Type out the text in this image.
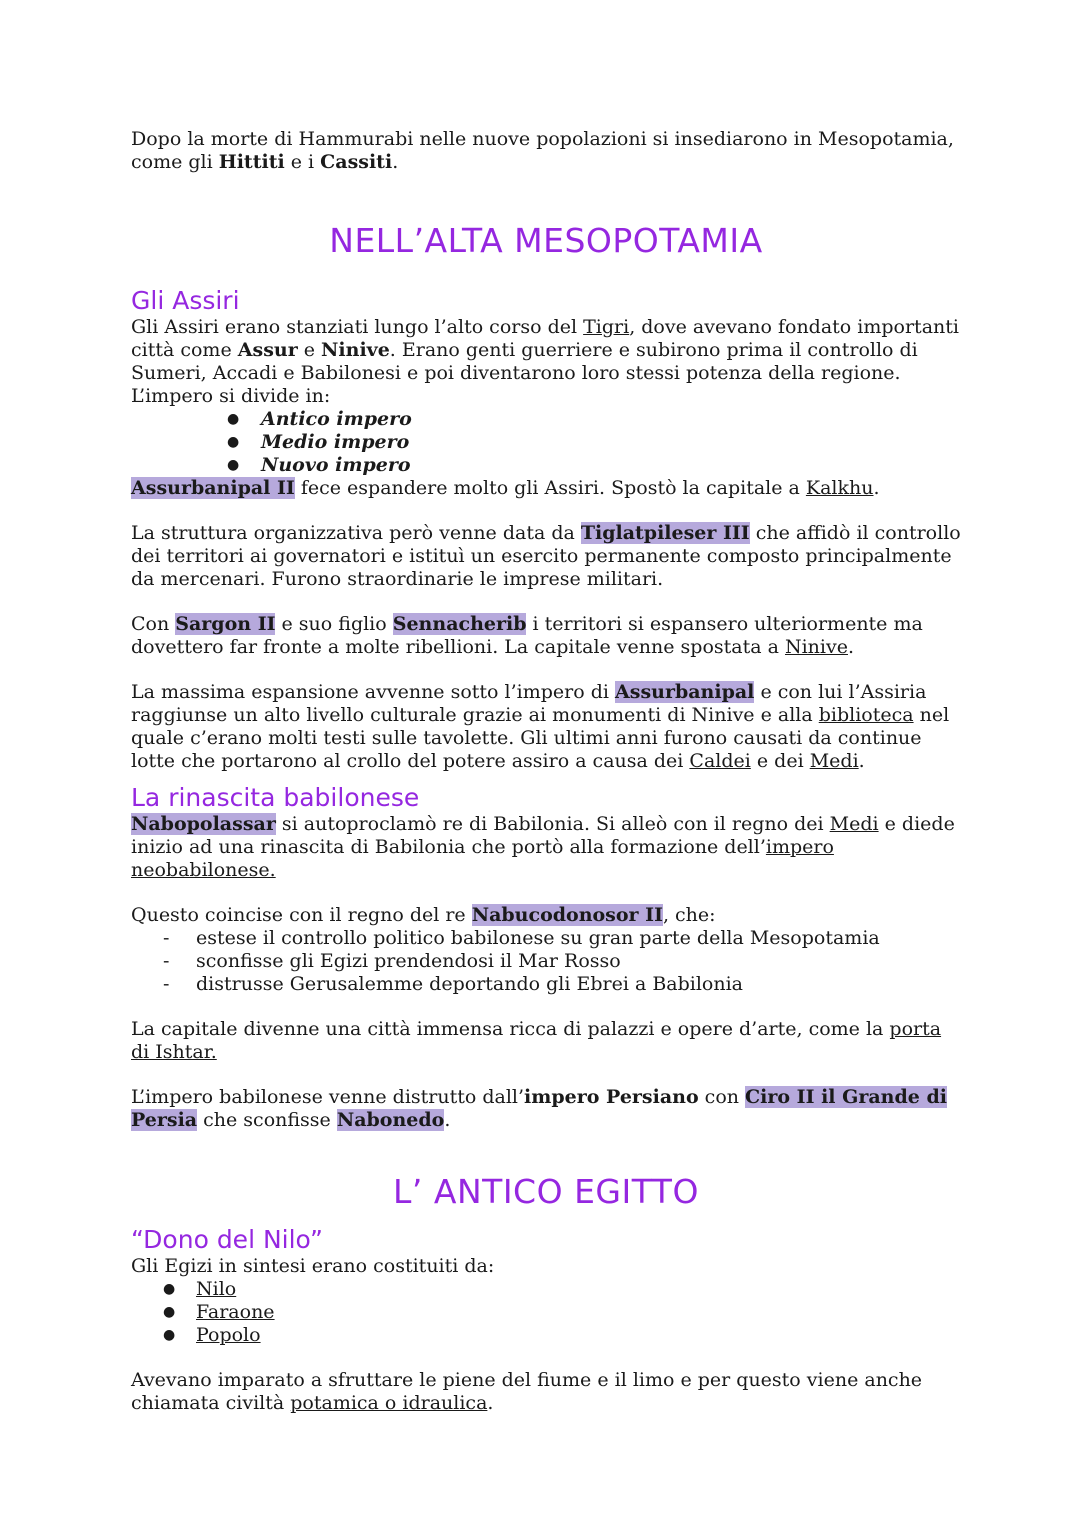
Dopo la morte di Hammurabi nelle nuove popolazioni si insediarono in Mesopotamia, come gli Hittiti e i Cassiti.

NELL’ALTA MESOPOTAMIA
Gli Assiri

Gli Assiri erano stanziati lungo l’alto corso del Tigri, dove avevano fondato importanti città come Assur e Ninive. Erano genti guerriere e subirono prima il controllo di Sumeri, Accadi e Babilonesi e poi diventarono loro stessi potenza della regione.

L’impero si divide in:

● Antico impero
● Medio impero
● Nuovo impero

Assurbanipal II fece espandere molto gli Assiri. Spostò la capitale a Kalkhu.

La struttura organizzativa però venne data da Tiglatpileser III che affidò il controllo dei territori ai governatori e istituì un esercito permanente composto principalmente da mercenari. Furono straordinarie le imprese militari.

Con Sargon II e suo figlio Sennacherib i territori si espansero ulteriormente ma dovettero far fronte a molte ribellioni. La capitale venne spostata a Ninive.

La massima espansione avvenne sotto l’impero di Assurbanipal e con lui l’Assiria raggiunse un alto livello culturale grazie ai monumenti di Ninive e alla biblioteca nel quale c’erano molti testi sulle tavolette. Gli ultimi anni furono causati da continue lotte che portarono al crollo del potere assiro a causa dei Caldei e dei Medi.

La rinascita babilonese

Nabopolassar si autoproclamò re di Babilonia. Si alleò con il regno dei Medi e diede inizio ad una rinascita di Babilonia che portò alla formazione dell’impero neobabilonese.

Questo coincise con il regno del re Nabucodonosor II, che:

- estese il controllo politico babilonese su gran parte della Mesopotamia
- sconfisse gli Egizi prendendosi il Mar Rosso
- distrusse Gerusalemme deportando gli Ebrei a Babilonia

La capitale divenne una città immensa ricca di palazzi e opere d’arte, come la porta di Ishtar.

L’impero babilonese venne distrutto dall’impero Persiano con Ciro II il Grande di Persia che sconfisse Nabonedo.

L’ ANTICO EGITTO
“Dono del Nilo”

Gli Egizi in sintesi erano costituiti da:

● Nilo
● Faraone
● Popolo

Avevano imparato a sfruttare le piene del fiume e il limo e per questo viene anche chiamata civiltà potamica o idraulica.
